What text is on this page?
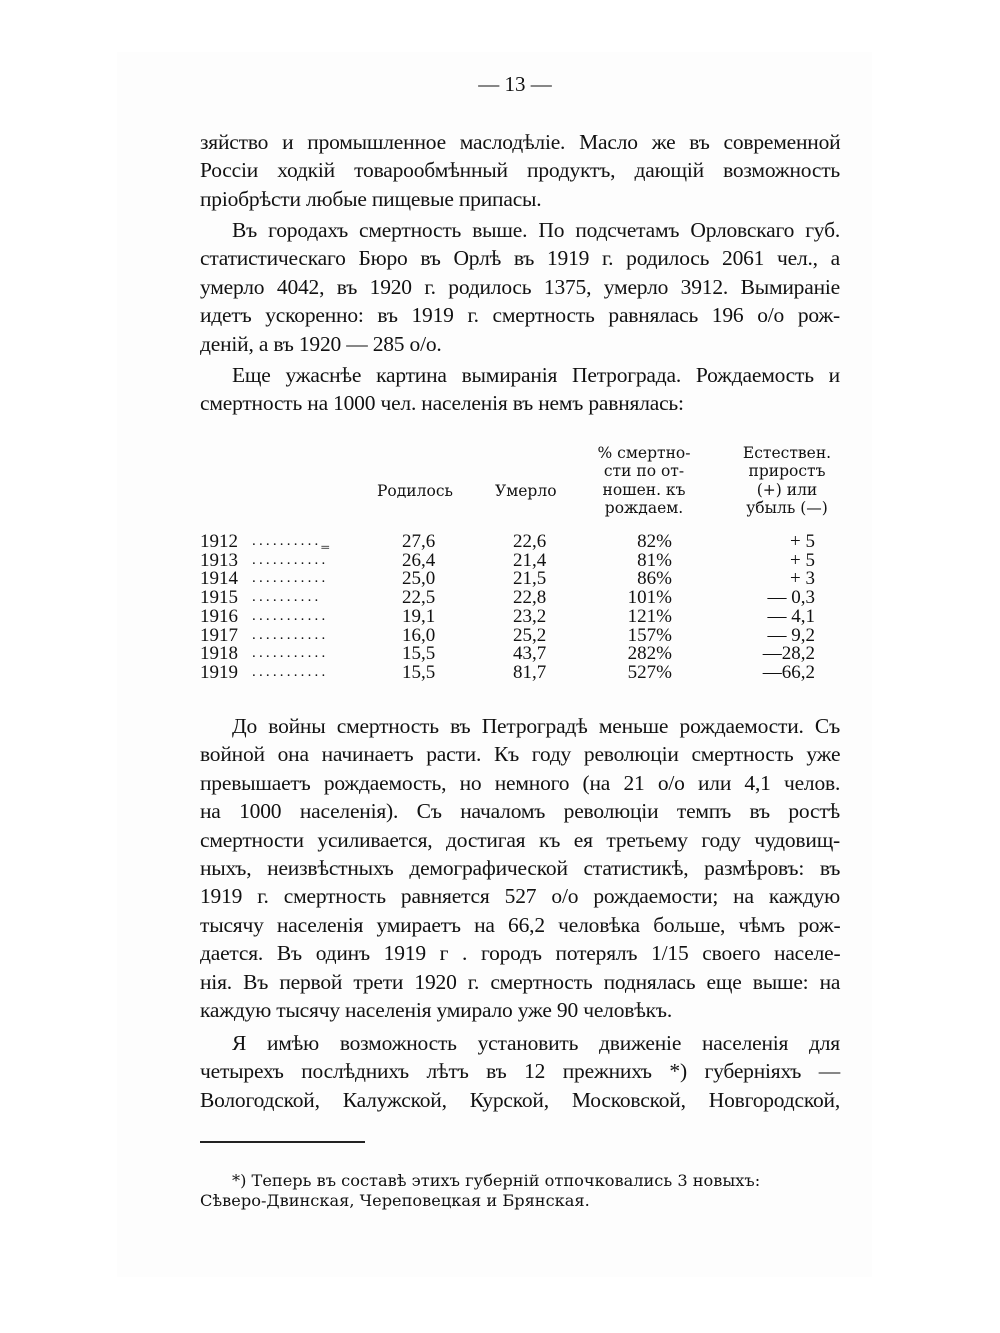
— 13 —
зяйство и промышленное маслодѣліе. Масло же въ современной
Россіи ходкій товарообмѣнный продуктъ, дающій возможность
пріобрѣсти любые пищевые припасы.
Въ городахъ смертность выше. По подсчетамъ Орловскаго губ.
статистическаго Бюро въ Орлѣ въ 1919 г. родилось 2061 чел., а
умерло 4042, въ 1920 г. родилось 1375, умерло 3912. Вымираніе
идетъ ускоренно: въ 1919 г. смертность равнялась 196 о/о рож-
деній, а въ 1920 — 285 о/о.
Еще ужаснѣе картина вымиранія Петрограда. Рождаемость и
смертность на 1000 чел. населенія въ немъ равнялась:
Родилось	Умерло
% смертно-
сти по от-
ношен. къ
рождаем.
Естествен.
приростъ
(+) или
убыль (—)
1912 ..........‗	27,6	22,6	82%	+ 5
1913 ...........	26,4	21,4	81%	+ 5
1914 ...........	25,0	21,5	86%	+ 3
1915 ..........	22,5	22,8	101%	— 0,3
1916 ...........	19,1	23,2	121%	— 4,1
1917 ...........	16,0	25,2	157%	— 9,2
1918 ...........	15,5	43,7	282%	—28,2
1919 ...........	15,5	81,7	527%	—66,2
До войны смертность въ Петроградѣ меньше рождаемости. Съ
войной она начинаетъ расти. Къ году революціи смертность уже
превышаетъ рождаемость, но немного (на 21 о/о или 4,1 челов.
на 1000 населенія). Съ началомъ революціи темпъ въ ростѣ
смертности усиливается, достигая къ ея третьему году чудовищ-
ныхъ, неизвѣстныхъ демографической статистикѣ, размѣровъ: въ
1919 г. смертность равняется 527 о/о рождаемости; на каждую
тысячу населенія умираетъ на 66,2 человѣка больше, чѣмъ рож-
дается. Въ одинъ 1919 г . городъ потерялъ 1/15 своего населе-
нія. Въ первой трети 1920 г. смертность поднялась еще выше: на
каждую тысячу населенія умирало уже 90 человѣкъ.
Я имѣю возможность установить движеніе населенія для
четырехъ послѣднихъ лѣтъ въ 12 прежнихъ *) губерніяхъ —
Вологодской, Калужской, Курской, Московской, Новгородской,
*) Теперь въ составѣ этихъ губерній отпочковались 3 новыхъ:
Сѣверо-Двинская, Череповецкая и Брянская.
